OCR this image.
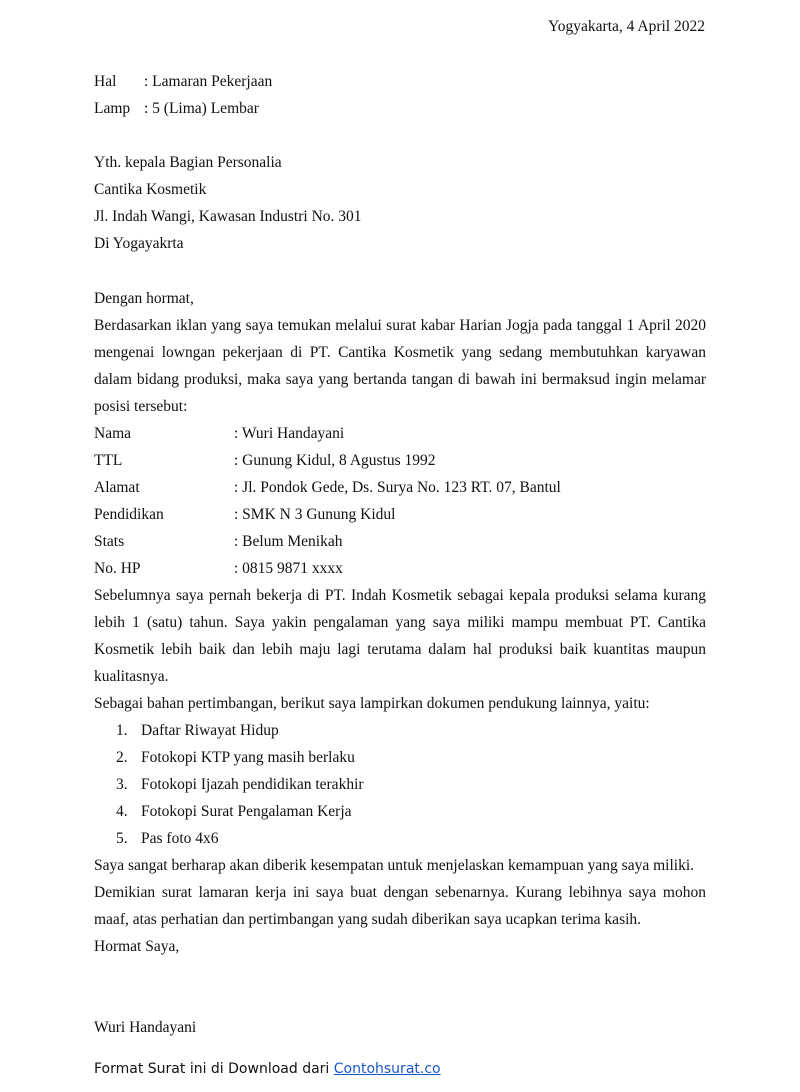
Yogyakarta, 4 April 2022
Hal : Lamaran Pekerjaan
Lamp : 5 (Lima) Lembar
Yth. kepala Bagian Personalia
Cantika Kosmetik
Jl. Indah Wangi, Kawasan Industri No. 301
Di Yogayakrta
Dengan hormat,
Berdasarkan iklan yang saya temukan melalui surat kabar Harian Jogja pada tanggal 1 April 2020 mengenai lowngan pekerjaan di PT. Cantika Kosmetik yang sedang membutuhkan karyawan dalam bidang produksi, maka saya yang bertanda tangan di bawah ini bermaksud ingin melamar posisi tersebut:
Nama	: Wuri Handayani
TTL	: Gunung Kidul, 8 Agustus 1992
Alamat	: Jl. Pondok Gede, Ds. Surya No. 123 RT. 07, Bantul
Pendidikan	: SMK N 3 Gunung Kidul
Stats	: Belum Menikah
No. HP	: 0815 9871 xxxx
Sebelumnya saya pernah bekerja di PT. Indah Kosmetik sebagai kepala produksi selama kurang lebih 1 (satu) tahun. Saya yakin pengalaman yang saya miliki mampu membuat PT. Cantika Kosmetik lebih baik dan lebih maju lagi terutama dalam hal produksi baik kuantitas maupun kualitasnya.
Sebagai bahan pertimbangan, berikut saya lampirkan dokumen pendukung lainnya, yaitu:
1. Daftar Riwayat Hidup
2. Fotokopi KTP yang masih berlaku
3. Fotokopi Ijazah pendidikan terakhir
4. Fotokopi Surat Pengalaman Kerja
5. Pas foto 4x6
Saya sangat berharap akan diberik kesempatan untuk menjelaskan kemampuan yang saya miliki.
Demikian surat lamaran kerja ini saya buat dengan sebenarnya. Kurang lebihnya saya mohon maaf, atas perhatian dan pertimbangan yang sudah diberikan saya ucapkan terima kasih.
Hormat Saya,
Wuri Handayani
Format Surat ini di Download dari Contohsurat.co
